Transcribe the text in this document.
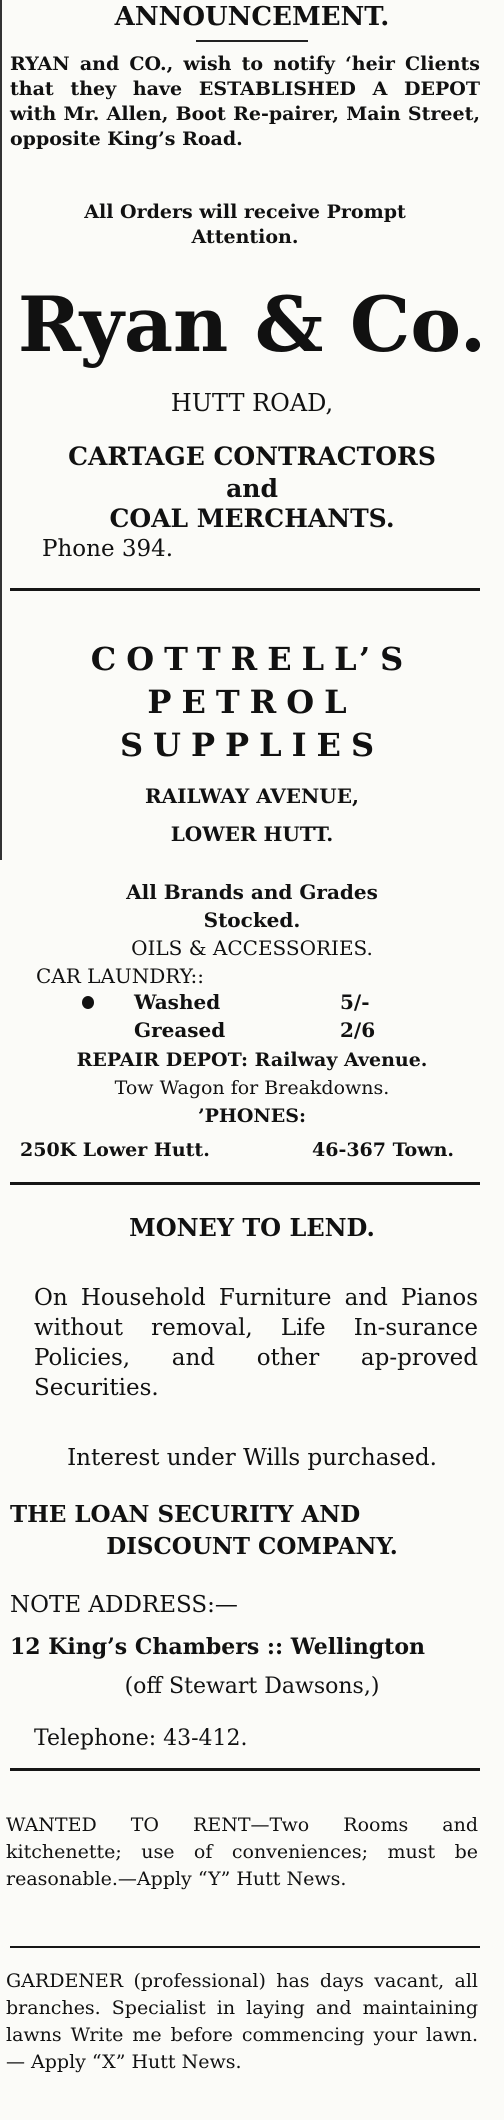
ANNOUNCEMENT.
RYAN and CO., wish to notify ‘heir Clients that they have ESTABLISHED A DEPOT with Mr. Allen, Boot Re-pairer, Main Street, opposite King’s Road.
All Orders will receive Prompt Attention.
Ryan & Co.
HUTT ROAD,
CARTAGE CONTRACTORS
and
COAL MERCHANTS.
Phone 394.
COTTRELL’S
PETROL
SUPPLIES
RAILWAY AVENUE,
LOWER HUTT.
All Brands and Grades
Stocked.
OILS & ACCESSORIES.
CAR LAUNDRY::
Washed	5/-
Greased	2/6
REPAIR DEPOT: Railway Avenue.
Tow Wagon for Breakdowns.
’PHONES:
250K Lower Hutt.	46-367 Town.
MONEY TO LEND.
On Household Furniture and Pianos without removal, Life In-surance Policies, and other ap-proved Securities.
Interest under Wills purchased.
THE LOAN SECURITY AND
DISCOUNT COMPANY.
NOTE ADDRESS:—
12 King’s Chambers :: Wellington
(off Stewart Dawsons,)
Telephone: 43-412.
WANTED TO RENT—Two Rooms and kitchenette; use of conveniences; must be reasonable.—Apply “Y” Hutt News.
GARDENER (professional) has days vacant, all branches. Specialist in laying and maintaining lawns Write me before commencing your lawn.— Apply “X” Hutt News.
